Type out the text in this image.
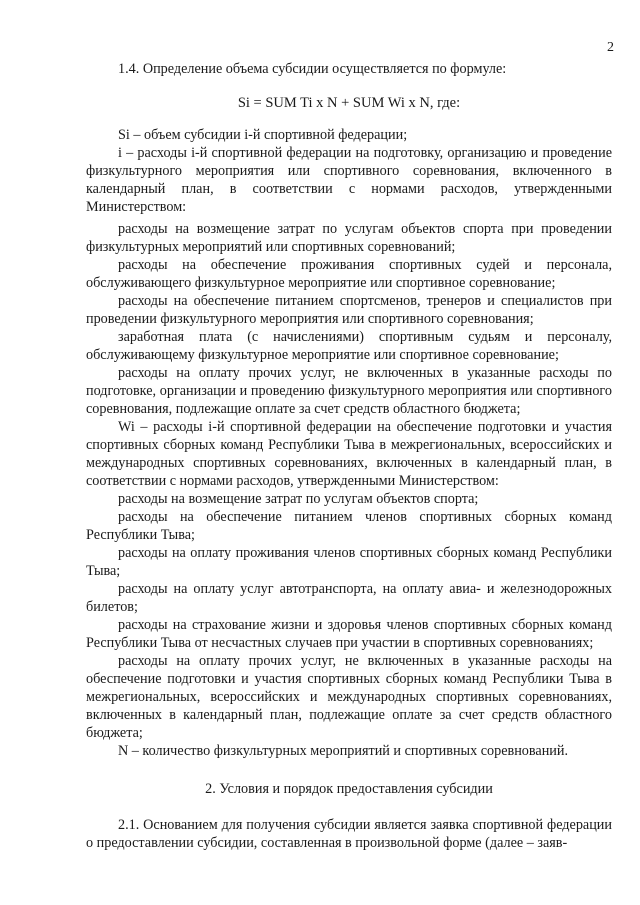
2

1.4. Определение объема субсидии осуществляется по формуле:

Si = SUM Ti x N + SUM Wi x N, где:

Si – объем субсидии i-й спортивной федерации;

i – расходы i-й спортивной федерации на подготовку, организацию и проведение физкультурного мероприятия или спортивного соревнования, включенного в календарный план, в соответствии с нормами расходов, утвержденными Министерством:

расходы на возмещение затрат по услугам объектов спорта при проведении физкультурных мероприятий или спортивных соревнований;

расходы на обеспечение проживания спортивных судей и персонала, обслуживающего физкультурное мероприятие или спортивное соревнование;

расходы на обеспечение питанием спортсменов, тренеров и специалистов при проведении физкультурного мероприятия или спортивного соревнования;

заработная плата (с начислениями) спортивным судьям и персоналу, обслуживающему физкультурное мероприятие или спортивное соревнование;

расходы на оплату прочих услуг, не включенных в указанные расходы по подготовке, организации и проведению физкультурного мероприятия или спортивного соревнования, подлежащие оплате за счет средств областного бюджета;

Wi – расходы i-й спортивной федерации на обеспечение подготовки и участия спортивных сборных команд Республики Тыва в межрегиональных, всероссийских и международных спортивных соревнованиях, включенных в календарный план, в соответствии с нормами расходов, утвержденными Министерством:

расходы на возмещение затрат по услугам объектов спорта;

расходы на обеспечение питанием членов спортивных сборных команд Республики Тыва;

расходы на оплату проживания членов спортивных сборных команд Республики Тыва;

расходы на оплату услуг автотранспорта, на оплату авиа- и железнодорожных билетов;

расходы на страхование жизни и здоровья членов спортивных сборных команд Республики Тыва от несчастных случаев при участии в спортивных соревнованиях;

расходы на оплату прочих услуг, не включенных в указанные расходы на обеспечение подготовки и участия спортивных сборных команд Республики Тыва в межрегиональных, всероссийских и международных спортивных соревнованиях, включенных в календарный план, подлежащие оплате за счет средств областного бюджета;

N – количество физкультурных мероприятий и спортивных соревнований.

2. Условия и порядок предоставления субсидии

2.1. Основанием для получения субсидии является заявка спортивной федерации о предоставлении субсидии, составленная в произвольной форме (далее – заяв-
